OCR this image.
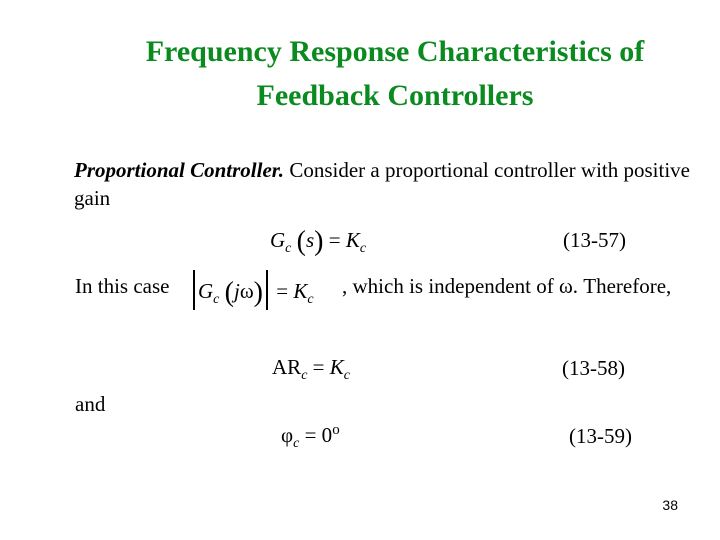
Frequency Response Characteristics of
Feedback Controllers
Proportional Controller. Consider a proportional controller with positive gain
$G_c$ $(s) = K_c$	(13-57)
In this case	$G_c$ $(j\omega) = K_c$
, which is independent of ω. Therefore,
$AR_c = K_c$	(13-58)
and
$\varphi_c = 0^o$	(13-59)
38
